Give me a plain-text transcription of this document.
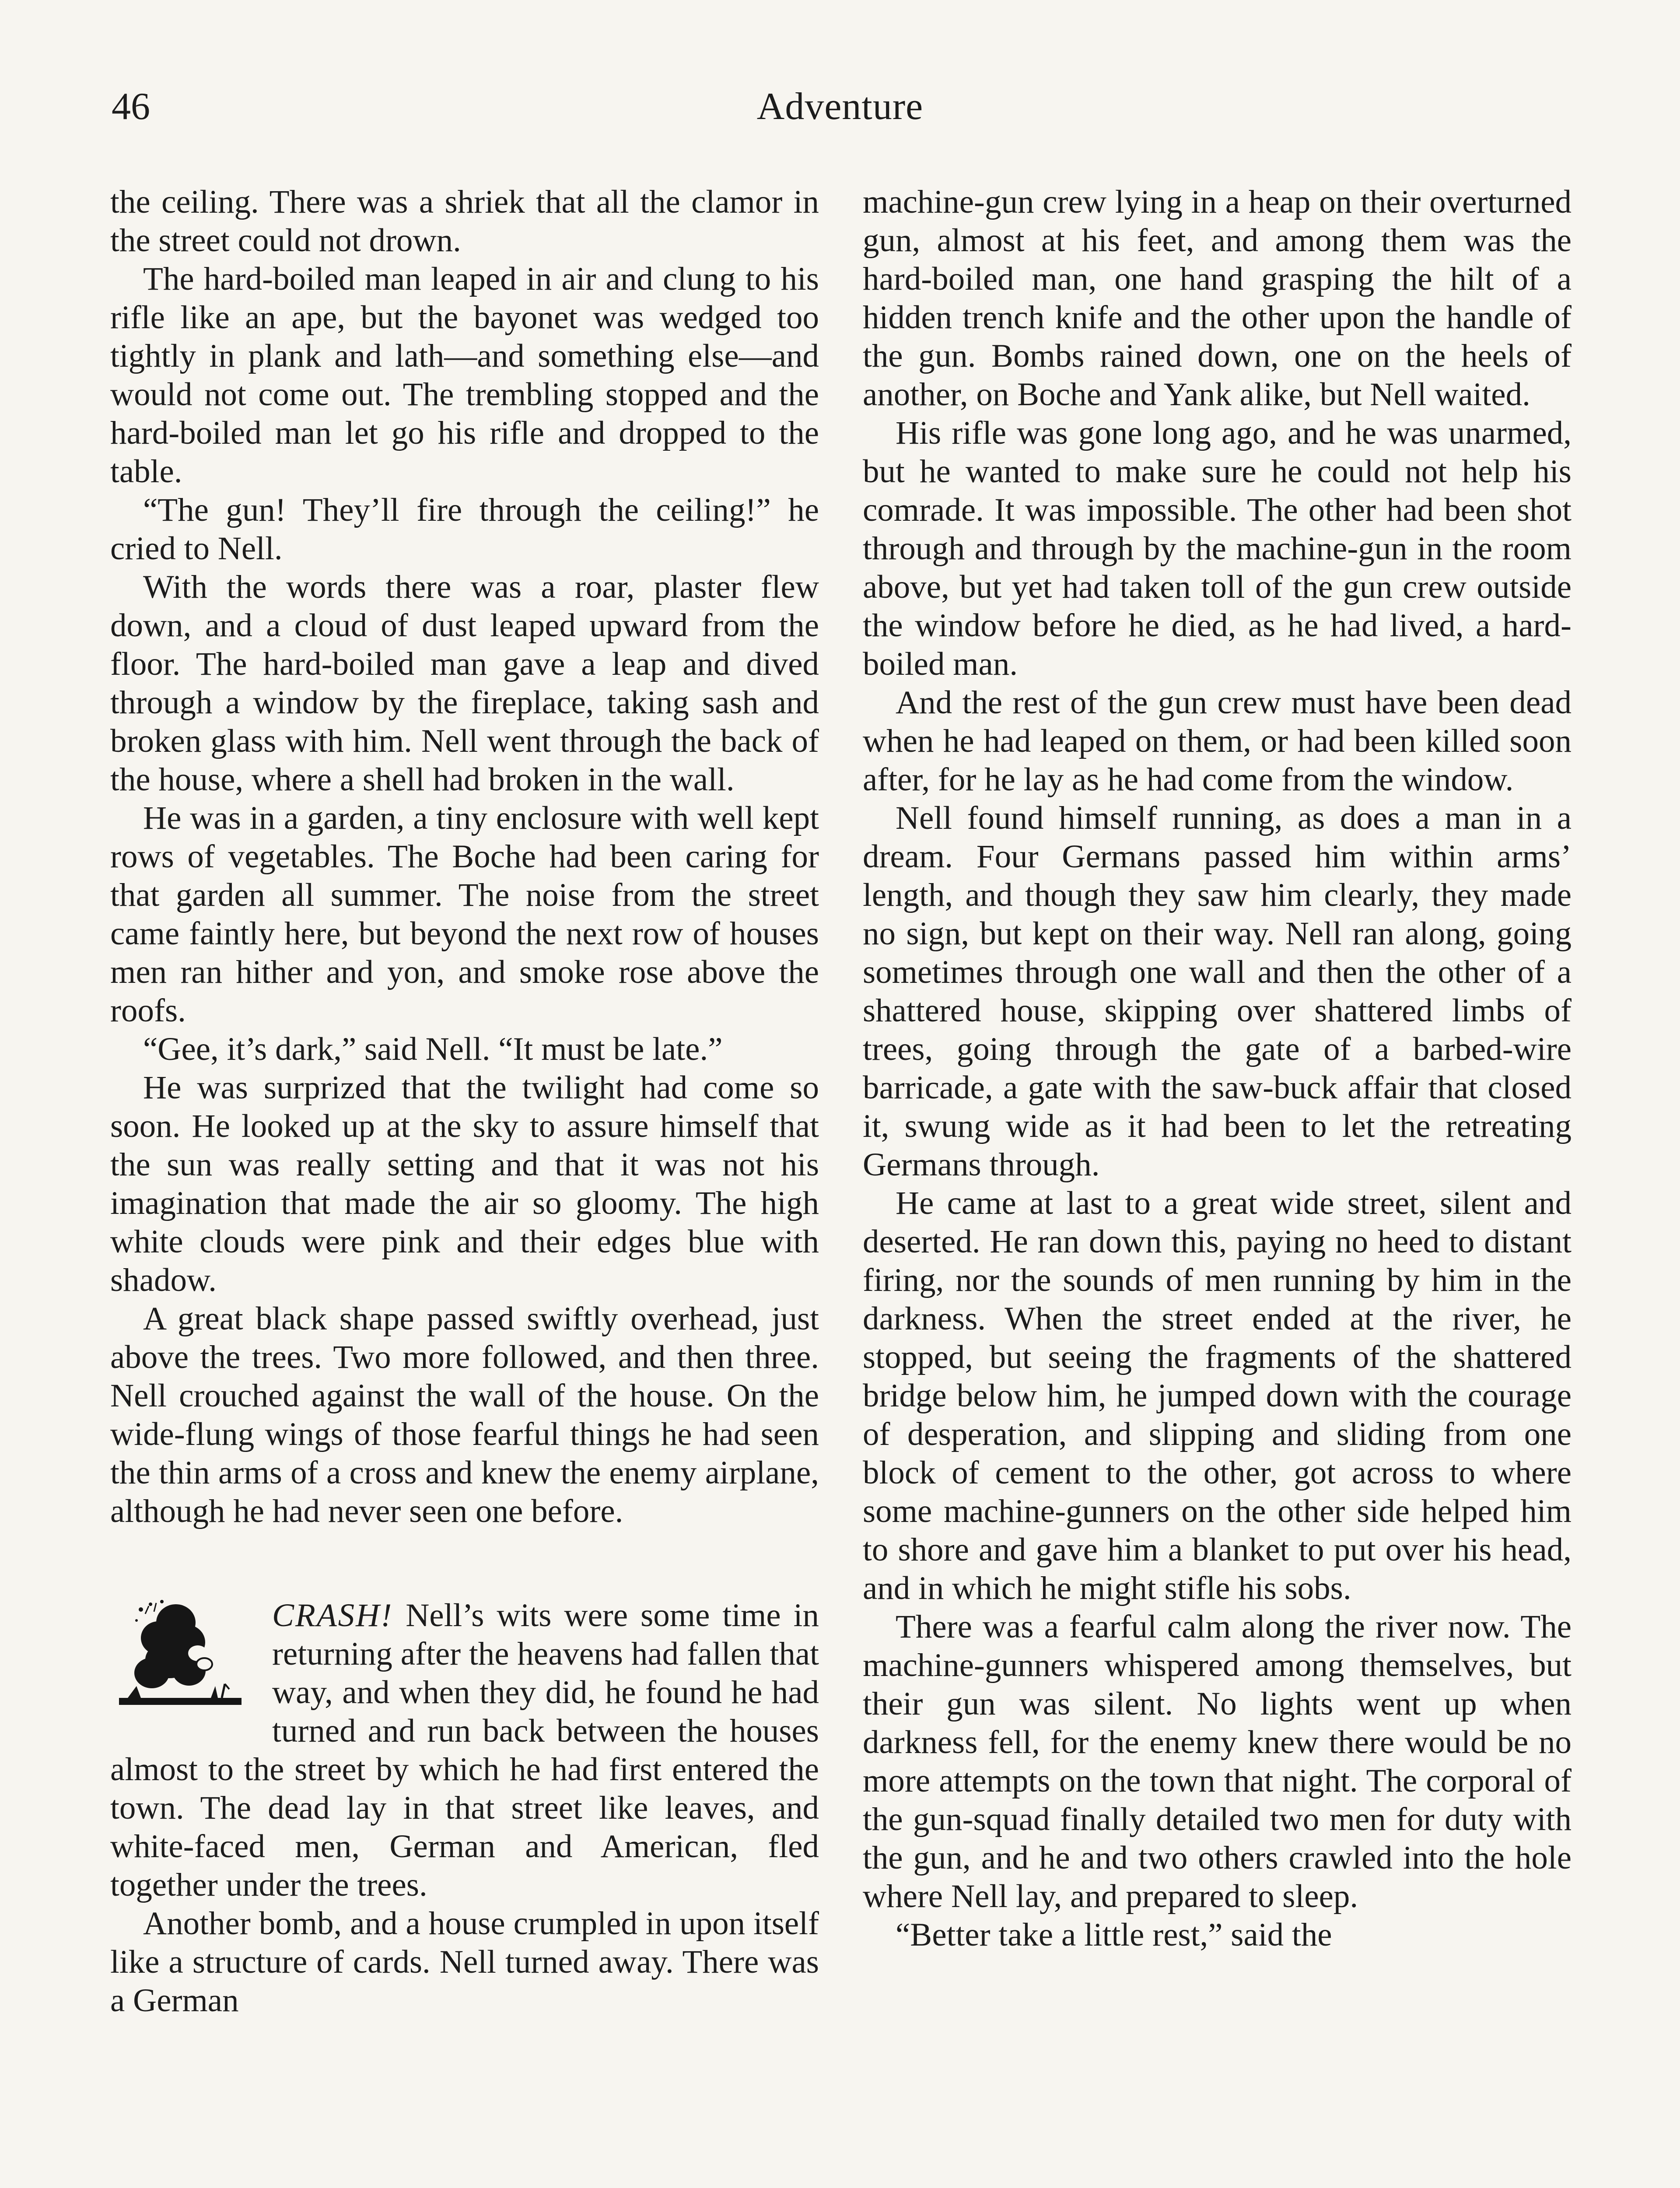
46	Adventure

the ceiling. There was a shriek that all the clamor in the street could not drown.

The hard-boiled man leaped in air and clung to his rifle like an ape, but the bayonet was wedged too tightly in plank and lath—and something else—and would not come out. The trembling stopped and the hard-boiled man let go his rifle and dropped to the table.

“The gun! They’ll fire through the ceiling!” he cried to Nell.

With the words there was a roar, plaster flew down, and a cloud of dust leaped upward from the floor. The hard-boiled man gave a leap and dived through a window by the fireplace, taking sash and broken glass with him. Nell went through the back of the house, where a shell had broken in the wall.

He was in a garden, a tiny enclosure with well kept rows of vegetables. The Boche had been caring for that garden all summer. The noise from the street came faintly here, but beyond the next row of houses men ran hither and yon, and smoke rose above the roofs.

“Gee, it’s dark,” said Nell. “It must be late.”

He was surprized that the twilight had come so soon. He looked up at the sky to assure himself that the sun was really setting and that it was not his imagination that made the air so gloomy. The high white clouds were pink and their edges blue with shadow.

A great black shape passed swiftly overhead, just above the trees. Two more followed, and then three. Nell crouched against the wall of the house. On the wide-flung wings of those fearful things he had seen the thin arms of a cross and knew the enemy airplane, although he had never seen one before.

CRASH! Nell’s wits were some time in returning after the heavens had fallen that way, and when they did, he found he had turned and run back between the houses almost to the street by which he had first entered the town. The dead lay in that street like leaves, and white-faced men, German and American, fled together under the trees.

Another bomb, and a house crumpled in upon itself like a structure of cards. Nell turned away. There was a German

machine-gun crew lying in a heap on their overturned gun, almost at his feet, and among them was the hard-boiled man, one hand grasping the hilt of a hidden trench knife and the other upon the handle of the gun. Bombs rained down, one on the heels of another, on Boche and Yank alike, but Nell waited.

His rifle was gone long ago, and he was unarmed, but he wanted to make sure he could not help his comrade. It was impossible. The other had been shot through and through by the machine-gun in the room above, but yet had taken toll of the gun crew outside the window before he died, as he had lived, a hard-boiled man.

And the rest of the gun crew must have been dead when he had leaped on them, or had been killed soon after, for he lay as he had come from the window.

Nell found himself running, as does a man in a dream. Four Germans passed him within arms’ length, and though they saw him clearly, they made no sign, but kept on their way. Nell ran along, going sometimes through one wall and then the other of a shattered house, skipping over shattered limbs of trees, going through the gate of a barbed-wire barricade, a gate with the saw-buck affair that closed it, swung wide as it had been to let the retreating Germans through.

He came at last to a great wide street, silent and deserted. He ran down this, paying no heed to distant firing, nor the sounds of men running by him in the darkness. When the street ended at the river, he stopped, but seeing the fragments of the shattered bridge below him, he jumped down with the courage of desperation, and slipping and sliding from one block of cement to the other, got across to where some machine-gunners on the other side helped him to shore and gave him a blanket to put over his head, and in which he might stifle his sobs.

There was a fearful calm along the river now. The machine-gunners whispered among themselves, but their gun was silent. No lights went up when darkness fell, for the enemy knew there would be no more attempts on the town that night. The corporal of the gun-squad finally detailed two men for duty with the gun, and he and two others crawled into the hole where Nell lay, and prepared to sleep.

“Better take a little rest,” said the
